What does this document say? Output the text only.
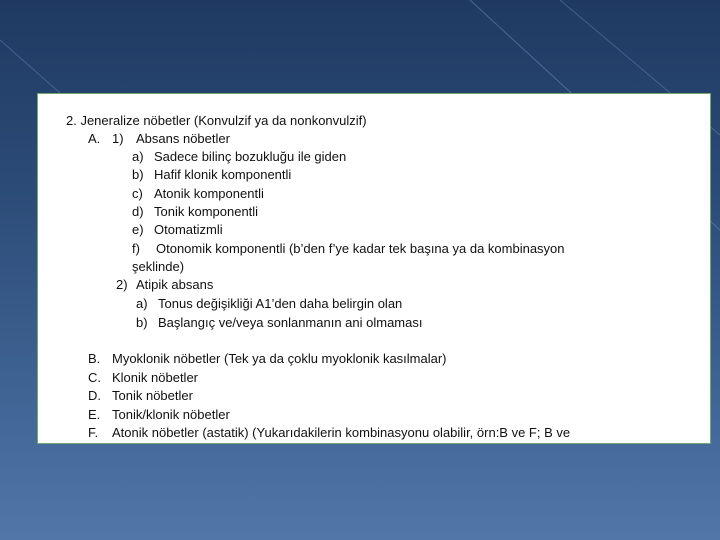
2. Jeneralize nöbetler (Konvulzif ya da nonkonvulzif)
A. 1) Absans nöbetler
a) Sadece bilinç bozukluğu ile giden
b) Hafif klonik komponentli
c) Atonik komponentli
d) Tonik komponentli
e) Otomatizmli
f) Otonomik komponentli (b’den f’ye kadar tek başına ya da kombinasyon
şeklinde)
2) Atipik absans
a) Tonus değişikliği A1’den daha belirgin olan
b) Başlangıç ve/veya sonlanmanın ani olmaması
B. Myoklonik nöbetler (Tek ya da çoklu myoklonik kasılmalar)
C. Klonik nöbetler
D. Tonik nöbetler
E. Tonik/klonik nöbetler
F. Atonik nöbetler (astatik) (Yukarıdakilerin kombinasyonu olabilir, örn:B ve F; B ve
